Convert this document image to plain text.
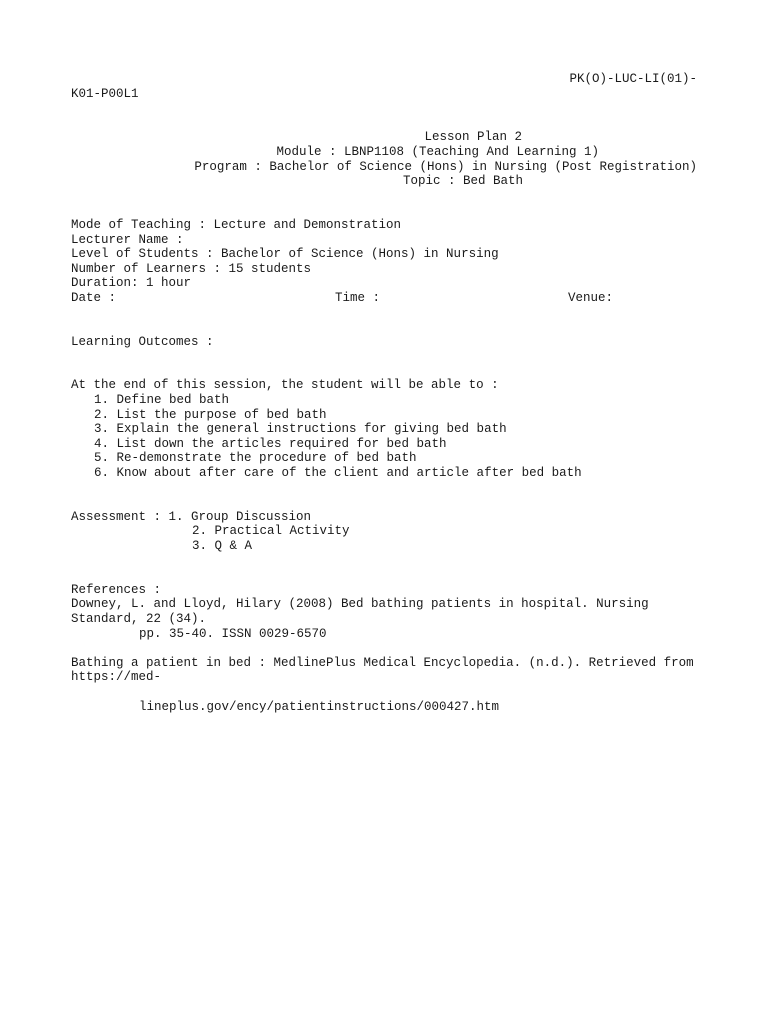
PK(O)-LUC-LI(01)-
K01-P00L1
Lesson Plan 2
Module : LBNP1108 (Teaching And Learning 1)
Program : Bachelor of Science (Hons) in Nursing (Post Registration)
Topic : Bed Bath
Mode of Teaching : Lecture and Demonstration
Lecturer Name :
Level of Students : Bachelor of Science (Hons) in Nursing
Number of Learners : 15 students
Duration: 1 hour
Date :	Time :	Venue:
Learning Outcomes :
At the end of this session, the student will be able to :
1. Define bed bath
2. List the purpose of bed bath
3. Explain the general instructions for giving bed bath
4. List down the articles required for bed bath
5. Re-demonstrate the procedure of bed bath
6. Know about after care of the client and article after bed bath
Assessment : 1. Group Discussion
2. Practical Activity
3. Q & A
References :
Downey, L. and Lloyd, Hilary (2008) Bed bathing patients in hospital. Nursing
Standard, 22 (34).
pp. 35-40. ISSN 0029-6570
Bathing a patient in bed : MedlinePlus Medical Encyclopedia. (n.d.). Retrieved from
https://med-
lineplus.gov/ency/patientinstructions/000427.htm
